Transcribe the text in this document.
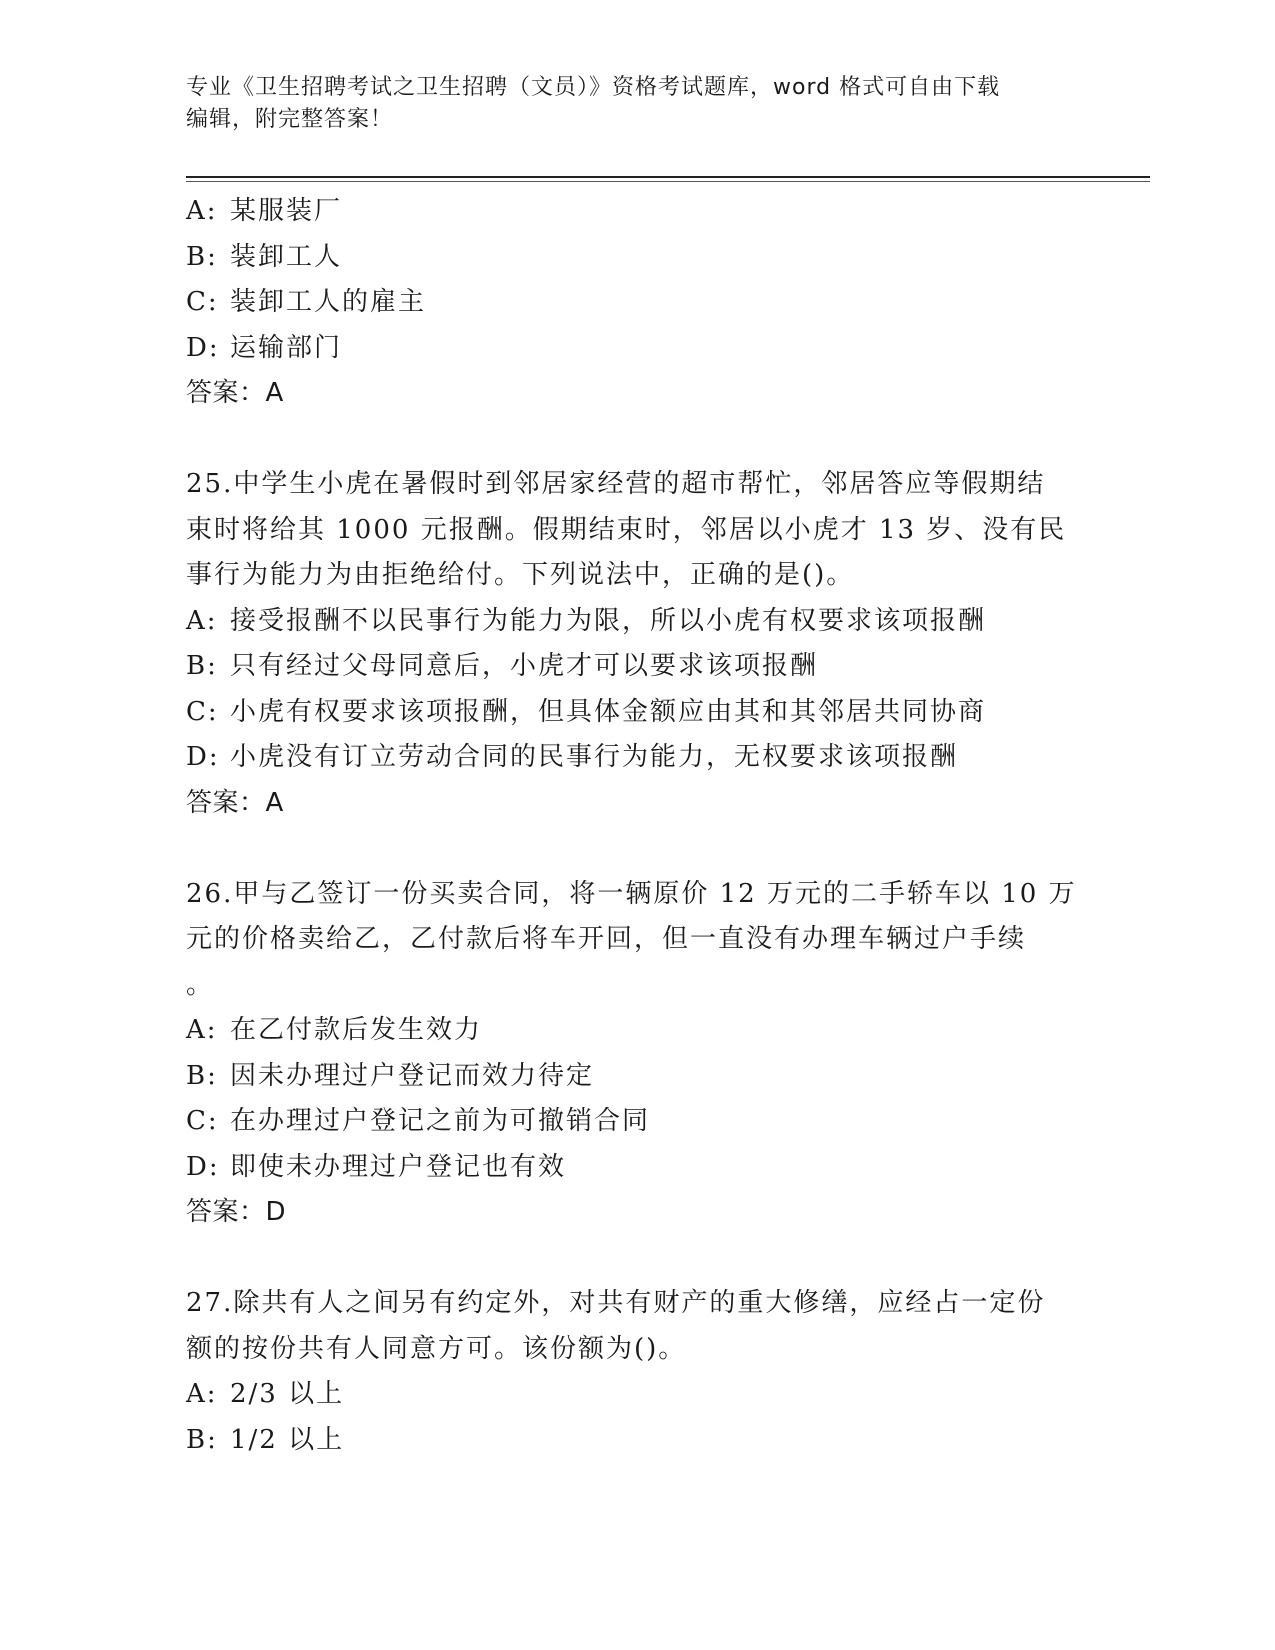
专业《卫生招聘考试之卫生招聘（文员）》资格考试题库，word 格式可自由下载
编辑，附完整答案！
A: 某服装厂
B: 装卸工人
C: 装卸工人的雇主
D: 运输部门
答案：A
25.中学生小虎在暑假时到邻居家经营的超市帮忙，邻居答应等假期结
束时将给其 1000 元报酬。假期结束时，邻居以小虎才 13 岁、没有民
事行为能力为由拒绝给付。下列说法中，正确的是()。
A: 接受报酬不以民事行为能力为限，所以小虎有权要求该项报酬
B: 只有经过父母同意后，小虎才可以要求该项报酬
C: 小虎有权要求该项报酬，但具体金额应由其和其邻居共同协商
D: 小虎没有订立劳动合同的民事行为能力，无权要求该项报酬
答案：A
26.甲与乙签订一份买卖合同，将一辆原价 12 万元的二手轿车以 10 万
元的价格卖给乙，乙付款后将车开回，但一直没有办理车辆过户手续
。
A: 在乙付款后发生效力
B: 因未办理过户登记而效力待定
C: 在办理过户登记之前为可撤销合同
D: 即使未办理过户登记也有效
答案：D
27.除共有人之间另有约定外，对共有财产的重大修缮，应经占一定份
额的按份共有人同意方可。该份额为()。
A: 2/3 以上
B: 1/2 以上
